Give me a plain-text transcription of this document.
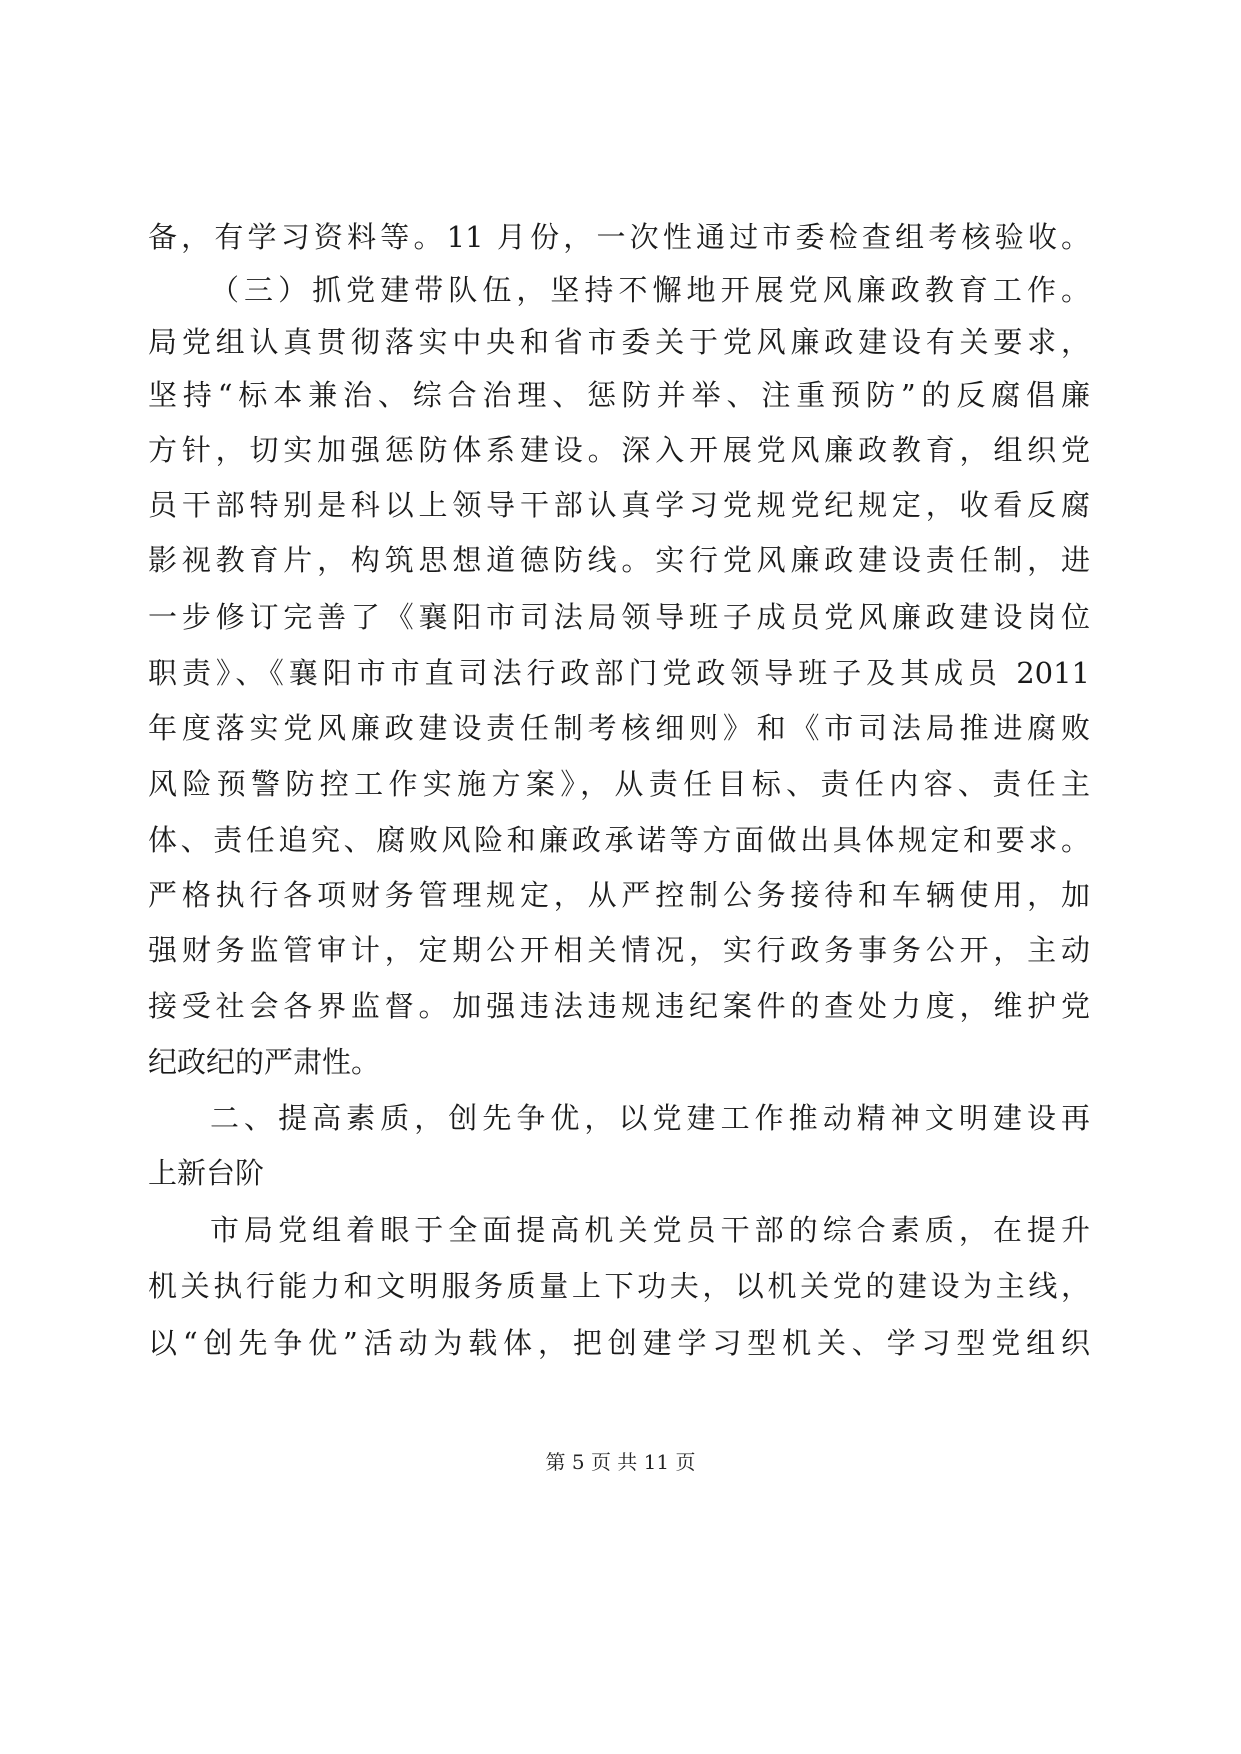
备，有学习资料等。11 月份，一次性通过市委检查组考核验收。
（三）抓党建带队伍，坚持不懈地开展党风廉政教育工作。
局党组认真贯彻落实中央和省市委关于党风廉政建设有关要求，
坚持“标本兼治、综合治理、惩防并举、注重预防”的反腐倡廉
方针，切实加强惩防体系建设。深入开展党风廉政教育，组织党
员干部特别是科以上领导干部认真学习党规党纪规定，收看反腐
影视教育片，构筑思想道德防线。实行党风廉政建设责任制，进
一步修订完善了《襄阳市司法局领导班子成员党风廉政建设岗位
职责》、《襄阳市市直司法行政部门党政领导班子及其成员 2011
年度落实党风廉政建设责任制考核细则》和《市司法局推进腐败
风险预警防控工作实施方案》，从责任目标、责任内容、责任主
体、责任追究、腐败风险和廉政承诺等方面做出具体规定和要求。
严格执行各项财务管理规定，从严控制公务接待和车辆使用，加
强财务监管审计，定期公开相关情况，实行政务事务公开，主动
接受社会各界监督。加强违法违规违纪案件的查处力度，维护党
纪政纪的严肃性。
二、提高素质，创先争优，以党建工作推动精神文明建设再
上新台阶
市局党组着眼于全面提高机关党员干部的综合素质，在提升
机关执行能力和文明服务质量上下功夫，以机关党的建设为主线，
以“创先争优”活动为载体，把创建学习型机关、学习型党组织
第 5 页 共 11 页
